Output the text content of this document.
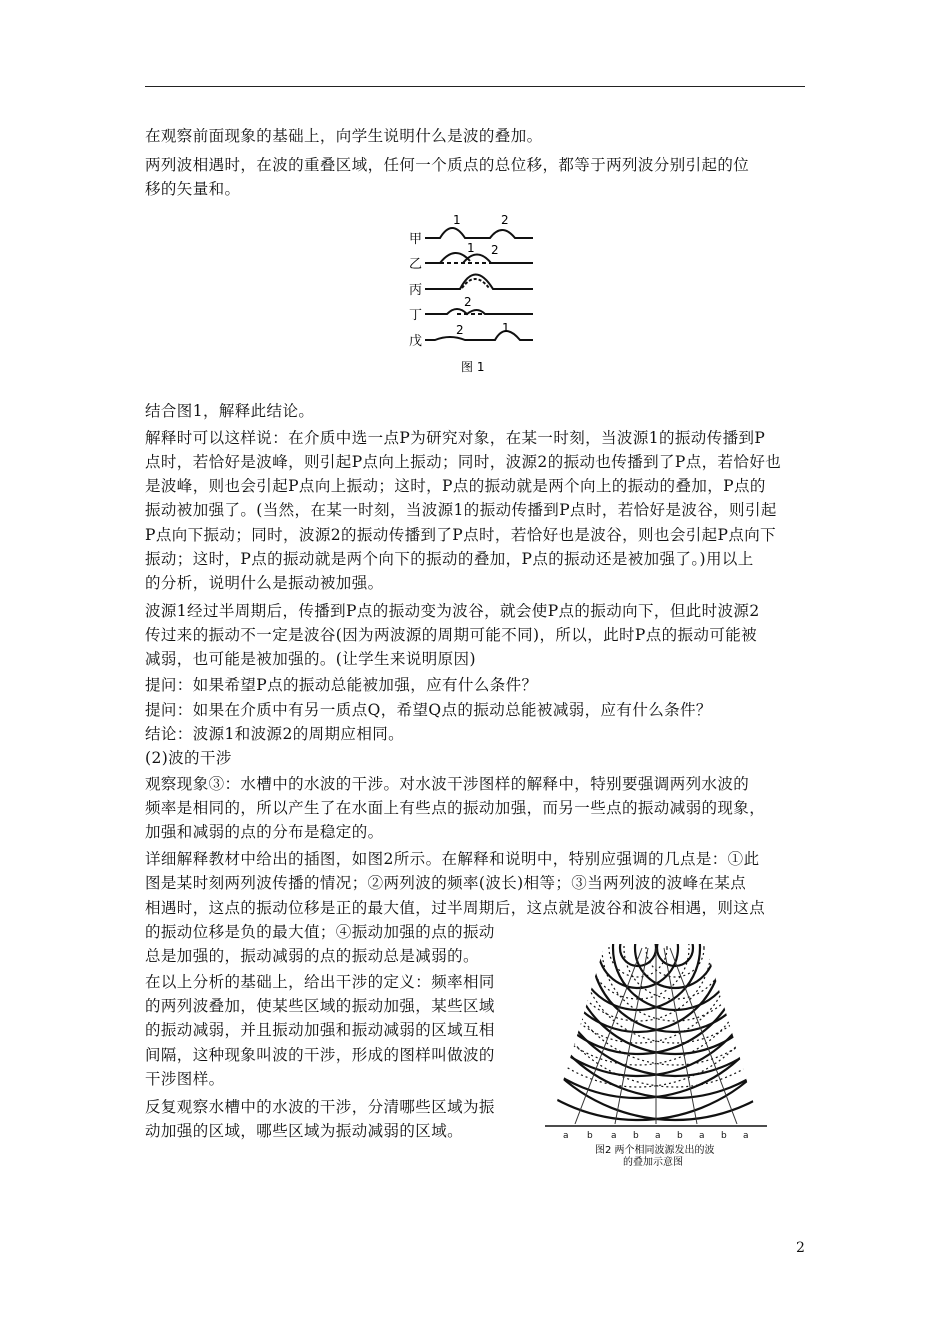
在观察前面现象的基础上，向学生说明什么是波的叠加。
两列波相遇时，在波的重叠区域，任何一个质点的总位移，都等于两列波分别引起的位
移的矢量和。
1	2
1 2
2
2	1
甲
乙
丙
丁
戊
图 1
结合图1，解释此结论。
解释时可以这样说：在介质中选一点P为研究对象，在某一时刻，当波源1的振动传播到P
点时，若恰好是波峰，则引起P点向上振动；同时，波源2的振动也传播到了P点，若恰好也
是波峰，则也会引起P点向上振动；这时，P点的振动就是两个向上的振动的叠加，P点的
振动被加强了。(当然，在某一时刻，当波源1的振动传播到P点时，若恰好是波谷，则引起
P点向下振动；同时，波源2的振动传播到了P点时，若恰好也是波谷，则也会引起P点向下
振动；这时，P点的振动就是两个向下的振动的叠加，P点的振动还是被加强了。)用以上
的分析，说明什么是振动被加强。
波源1经过半周期后，传播到P点的振动变为波谷，就会使P点的振动向下，但此时波源2
传过来的振动不一定是波谷(因为两波源的周期可能不同)，所以，此时P点的振动可能被
减弱，也可能是被加强的。(让学生来说明原因)
提问：如果希望P点的振动总能被加强，应有什么条件？
提问：如果在介质中有另一质点Q，希望Q点的振动总能被减弱，应有什么条件？
结论：波源1和波源2的周期应相同。
(2)波的干涉
观察现象③：水槽中的水波的干涉。对水波干涉图样的解释中，特别要强调两列水波的
频率是相同的，所以产生了在水面上有些点的振动加强，而另一些点的振动减弱的现象，
加强和减弱的点的分布是稳定的。
详细解释教材中给出的插图，如图2所示。在解释和说明中，特别应强调的几点是：①此
图是某时刻两列波传播的情况；②两列波的频率(波长)相等；③当两列波的波峰在某点
相遇时，这点的振动位移是正的最大值，过半周期后，这点就是波谷和波谷相遇，则这点
的振动位移是负的最大值；④振动加强的点的振动
总是加强的，振动减弱的点的振动总是减弱的。
在以上分析的基础上，给出干涉的定义：频率相同
的两列波叠加，使某些区域的振动加强，某些区域
的振动减弱，并且振动加强和振动减弱的区域互相
间隔，这种现象叫波的干涉，形成的图样叫做波的
干涉图样。
反复观察水槽中的水波的干涉，分清哪些区域为振
动加强的区域，哪些区域为振动减弱的区域。	a b a b a b a b a
图2 两个相同波源发出的波
的叠加示意图
2
